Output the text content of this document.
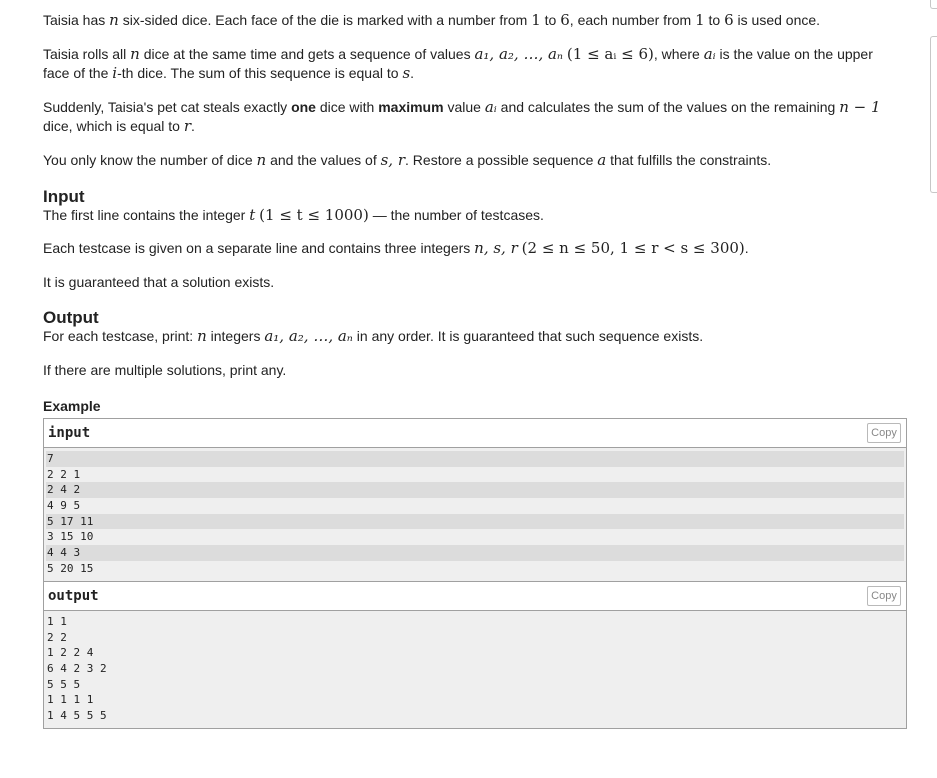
Taisia has n six-sided dice. Each face of the die is marked with a number from 1 to 6, each number from 1 to 6 is used once.

Taisia rolls all n dice at the same time and gets a sequence of values a₁, a₂, …, aₙ (1 ≤ aᵢ ≤ 6), where aᵢ is the value on the upper

face of the i-th dice. The sum of this sequence is equal to s.

Suddenly, Taisia's pet cat steals exactly one dice with maximum value aᵢ and calculates the sum of the values on the remaining n − 1

dice, which is equal to r.

You only know the number of dice n and the values of s, r. Restore a possible sequence a that fulfills the constraints.

Input

The first line contains the integer t (1 ≤ t ≤ 1000) — the number of testcases.

Each testcase is given on a separate line and contains three integers n, s, r (2 ≤ n ≤ 50, 1 ≤ r < s ≤ 300).

It is guaranteed that a solution exists.

Output

For each testcase, print: n integers a₁, a₂, …, aₙ in any order. It is guaranteed that such sequence exists.

If there are multiple solutions, print any.

Example
input	Copy
7
2 2 1
2 4 2
4 9 5
5 17 11
3 15 10
4 4 3
5 20 15
output	Copy
1 1
2 2
1 2 2 4
6 4 2 3 2
5 5 5
1 1 1 1
1 4 5 5 5
